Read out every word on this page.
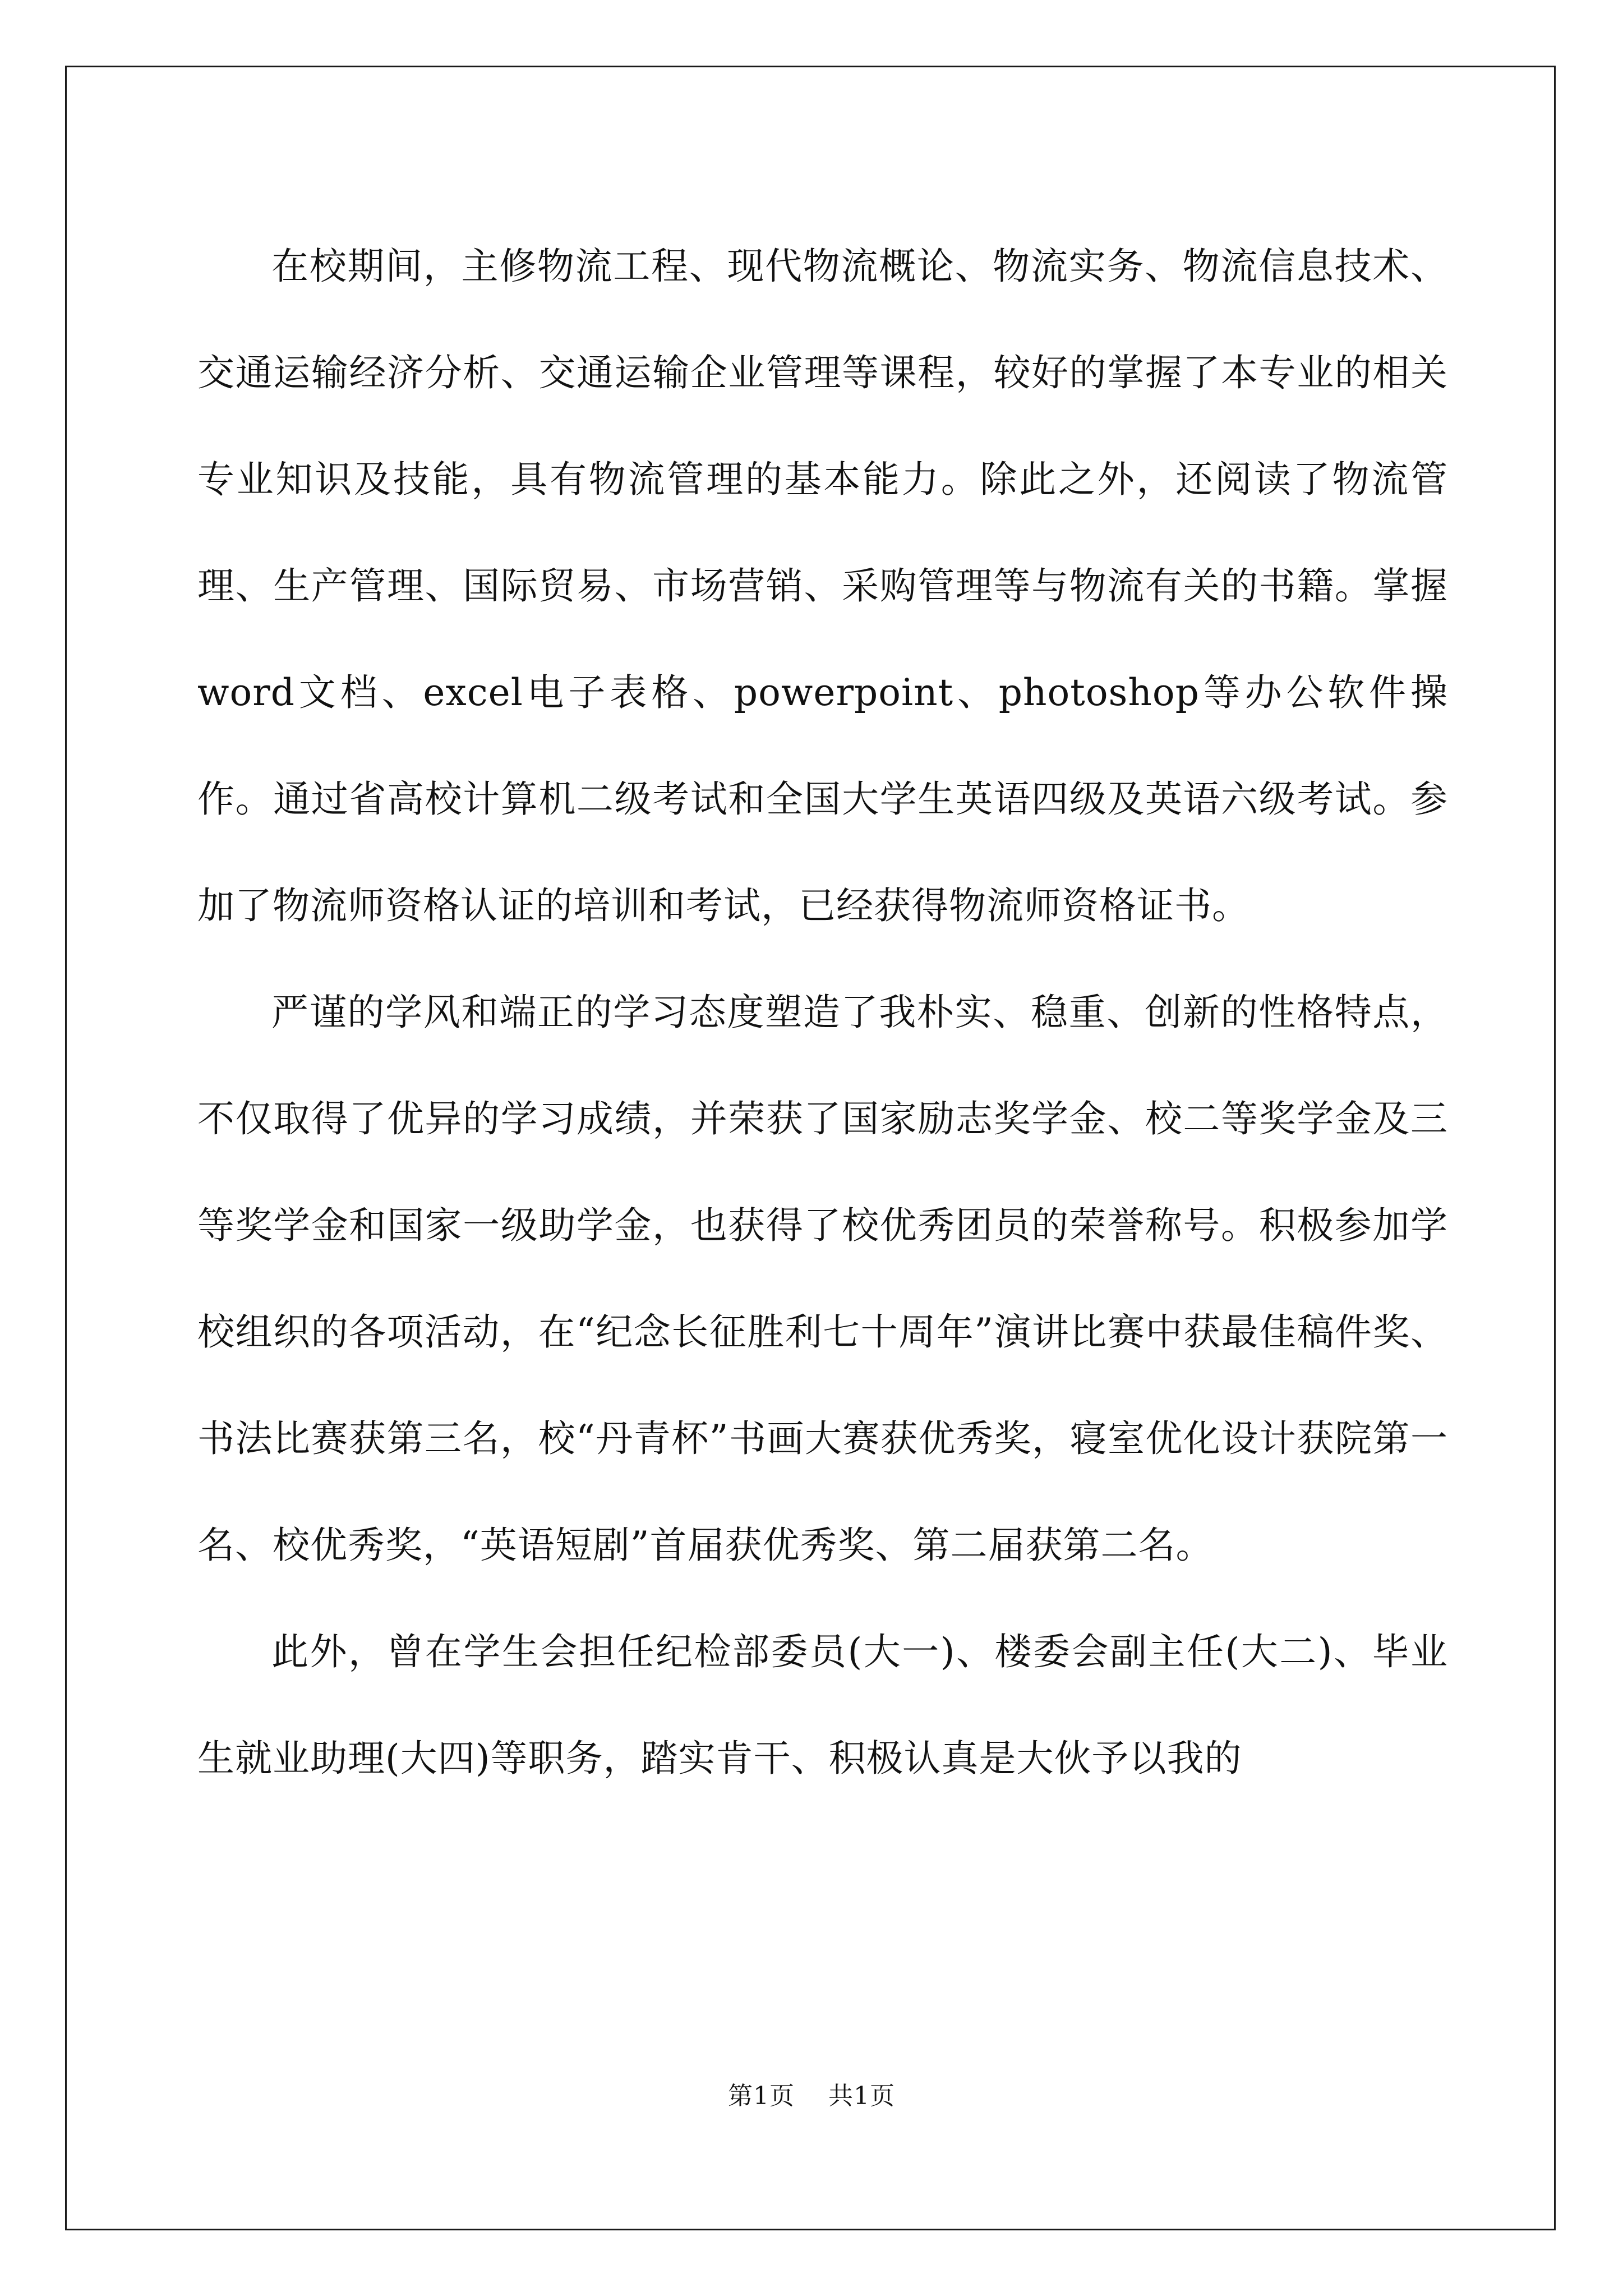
在校期间，主修物流工程、现代物流概论、物流实务、物流信息技术、交通运输经济分析、交通运输企业管理等课程，较好的掌握了本专业的相关专业知识及技能，具有物流管理的基本能力。除此之外，还阅读了物流管理、生产管理、国际贸易、市场营销、采购管理等与物流有关的书籍。掌握word文档、excel电子表格、powerpoint、photoshop等办公软件操作。通过省高校计算机二级考试和全国大学生英语四级及英语六级考试。参加了物流师资格认证的培训和考试，已经获得物流师资格证书。

严谨的学风和端正的学习态度塑造了我朴实、稳重、创新的性格特点，不仅取得了优异的学习成绩，并荣获了国家励志奖学金、校二等奖学金及三等奖学金和国家一级助学金，也获得了校优秀团员的荣誉称号。积极参加学校组织的各项活动，在“纪念长征胜利七十周年”演讲比赛中获最佳稿件奖、书法比赛获第三名，校“丹青杯”书画大赛获优秀奖，寝室优化设计获院第一名、校优秀奖，“英语短剧”首届获优秀奖、第二届获第二名。

此外，曾在学生会担任纪检部委员(大一)、楼委会副主任(大二)、毕业生就业助理(大四)等职务，踏实肯干、积极认真是大伙予以我的

第1页 共1页
